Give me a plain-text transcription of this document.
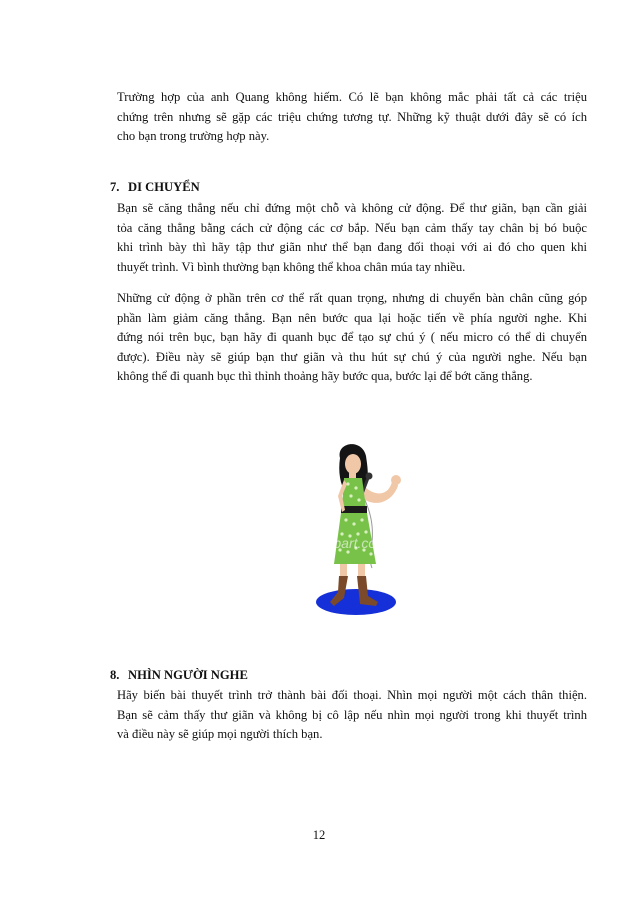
Trường hợp của anh Quang không hiếm. Có lẽ bạn không mắc phải tất cả các triệu
chứng trên nhưng sẽ gặp các triệu chứng tương tự. Những kỹ thuật dưới đây sẽ có ích
cho bạn trong trường hợp này.
7. DI CHUYỂN
Bạn sẽ căng thẳng nếu chỉ đứng một chỗ và không cử động. Để thư giãn, bạn cần giải
tỏa căng thẳng bằng cách cử động các cơ bắp. Nếu bạn cảm thấy tay chân bị bó buộc
khi trình bày thì hãy tập thư giãn như thể bạn đang đối thoại với ai đó cho quen khi
thuyết trình. Vì bình thường bạn không thể khoa chân múa tay nhiều.
Những cử động ở phần trên cơ thể rất quan trọng, nhưng di chuyển bàn chân cũng góp
phần làm giảm căng thẳng. Bạn nên bước qua lại hoặc tiến về phía người nghe. Khi
đứng nói trên bục, bạn hãy đi quanh bục để tạo sự chú ý ( nếu micro có thể di chuyển
được). Điều này sẽ giúp bạn thư giãn và thu hút sự chú ý của người nghe. Nếu bạn
không thể đi quanh bục thì thỉnh thoảng hãy bước qua, bước lại để bớt căng thẳng.
clipart.com
8. NHÌN NGƯỜI NGHE
Hãy biến bài thuyết trình trở thành bài đối thoại. Nhìn mọi người một cách thân thiện.
Bạn sẽ cảm thấy thư giãn và không bị cô lập nếu nhìn mọi người trong khi thuyết trình
và điều này sẽ giúp mọi người thích bạn.
12
